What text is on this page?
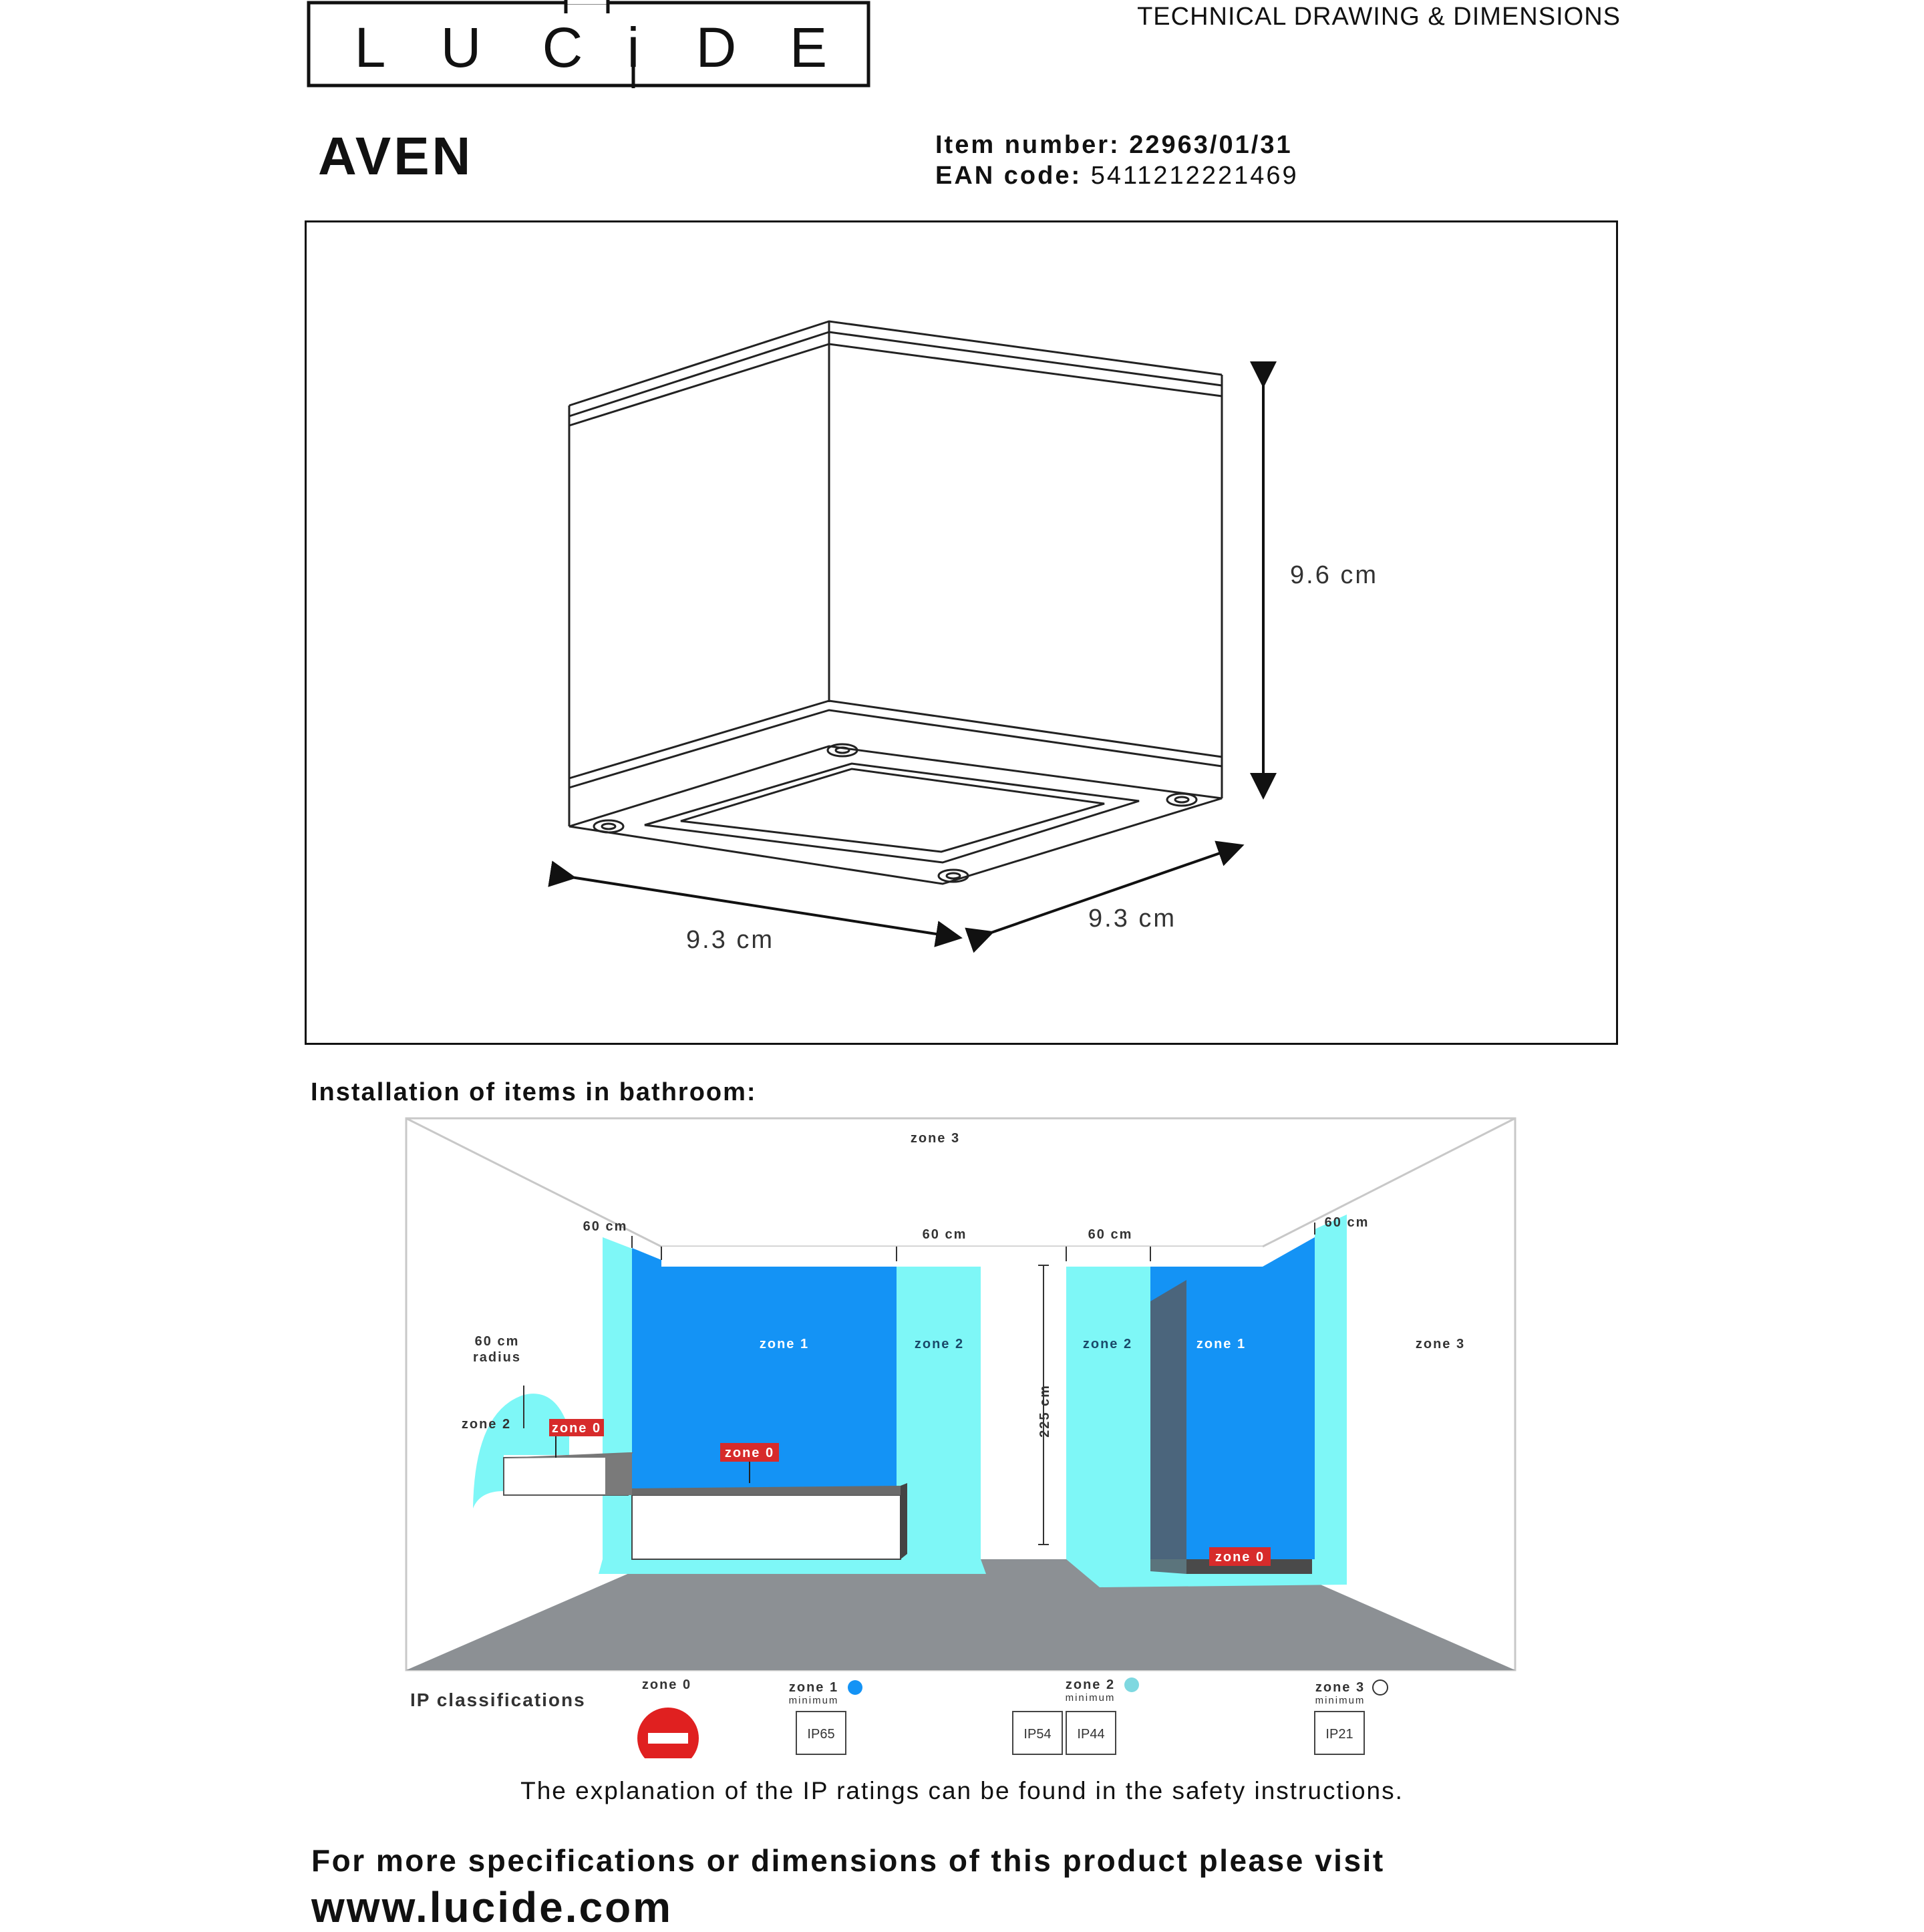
L U C i D E	TECHNICAL DRAWING & DIMENSIONS
AVEN	Item number: 22963/01/31
EAN code: 5411212221469
9.6 cm
9.3 cm
9.3 cm
Installation of items in bathroom:
zone 3
zone 3
zone 2
60 cm
60 cm	60 cm
60 cm
60 cm
radius
225 cm
zone 1	zone 1
zone 2	zone 2
zone 0
zone 0
zone 0
IP classifications
zone 0	zone 1
minimum
IP65
zone 2
minimum
IP54 IP44
zone 3
minimum
IP21
The explanation of the IP ratings can be found in the safety instructions.
For more specifications or dimensions of this product please visit
www.lucide.com
